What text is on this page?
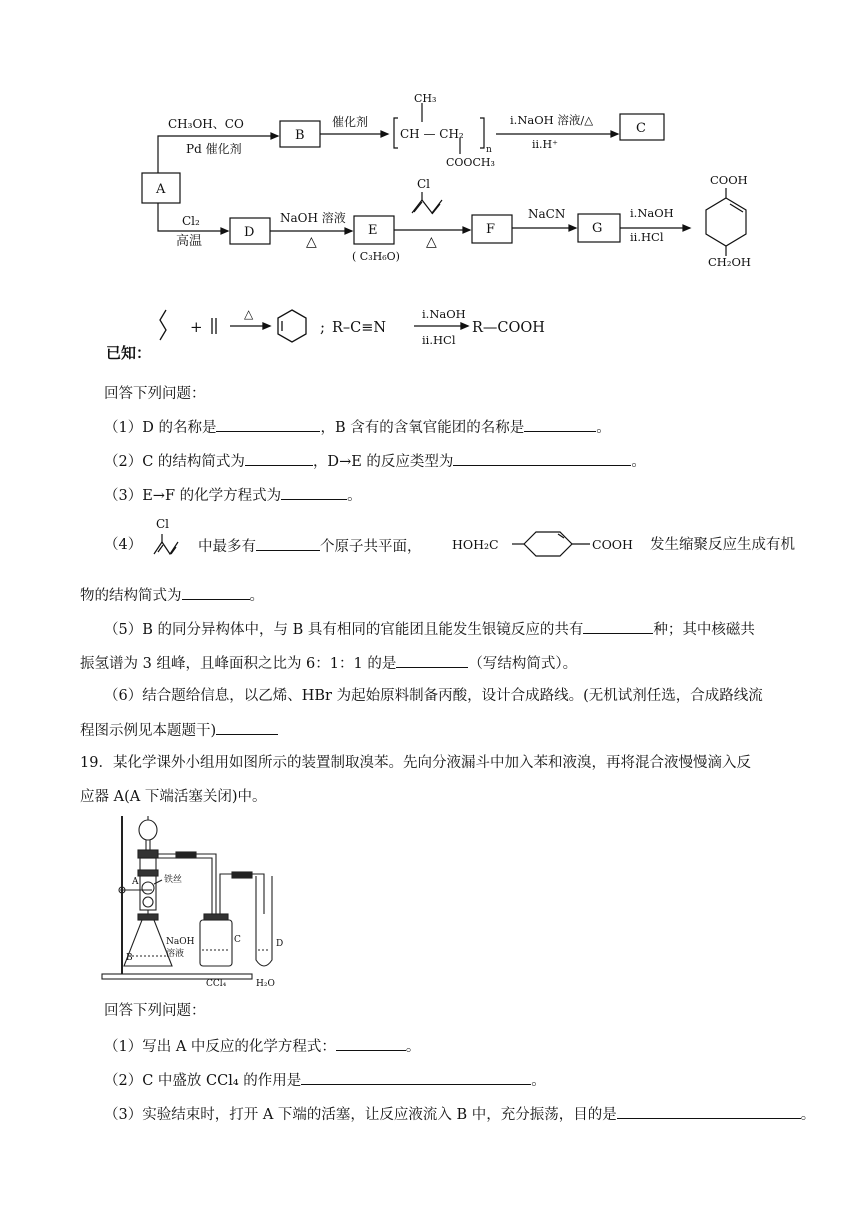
CH₃OH、CO
Pd 催化剂
A
B
催化剂
CH₃
CH — CH₂
n
COOCH₃
i.NaOH 溶液/△
ii.H⁺
C
Cl₂
高温
D
NaOH 溶液
△
E
( C₃H₆O)
Cl
△
F
NaCN
G
i.NaOH
ii.HCl
COOH
CH₂OH
已知：
+
△
; R–C≡N
i.NaOH
ii.HCl
R—COOH
回答下列问题：
（1）D 的名称是	，B 含有的含氧官能团的名称是	。
（2）C 的结构简式为	，D→E 的反应类型为	。
（3）E→F 的化学方程式为	。
（4）
Cl
中最多有	个原子共平面， HOH₂C	COOH 发生缩聚反应生成有机
物的结构简式为	。
（5）B 的同分异构体中，与 B 具有相同的官能团且能发生银镜反应的共有	种；其中核磁共
振氢谱为 3 组峰，且峰面积之比为 6：1：1 的是	（写结构简式）。
（6）结合题给信息，以乙烯、HBr 为起始原料制备丙酸，设计合成路线。(无机试剂任选，合成路线流
程图示例见本题题干)
19．某化学课外小组用如图所示的装置制取溴苯。先向分液漏斗中加入苯和液溴，再将混合液慢慢滴入反
应器 A(A 下端活塞关闭)中。
A	铁丝
NaOH
溶液
B
C
CCl₄
D
H₂O
回答下列问题：
（1）写出 A 中反应的化学方程式：	。
（2）C 中盛放 CCl₄ 的作用是	。
（3）实验结束时，打开 A 下端的活塞，让反应液流入 B 中，充分振荡，目的是	。
